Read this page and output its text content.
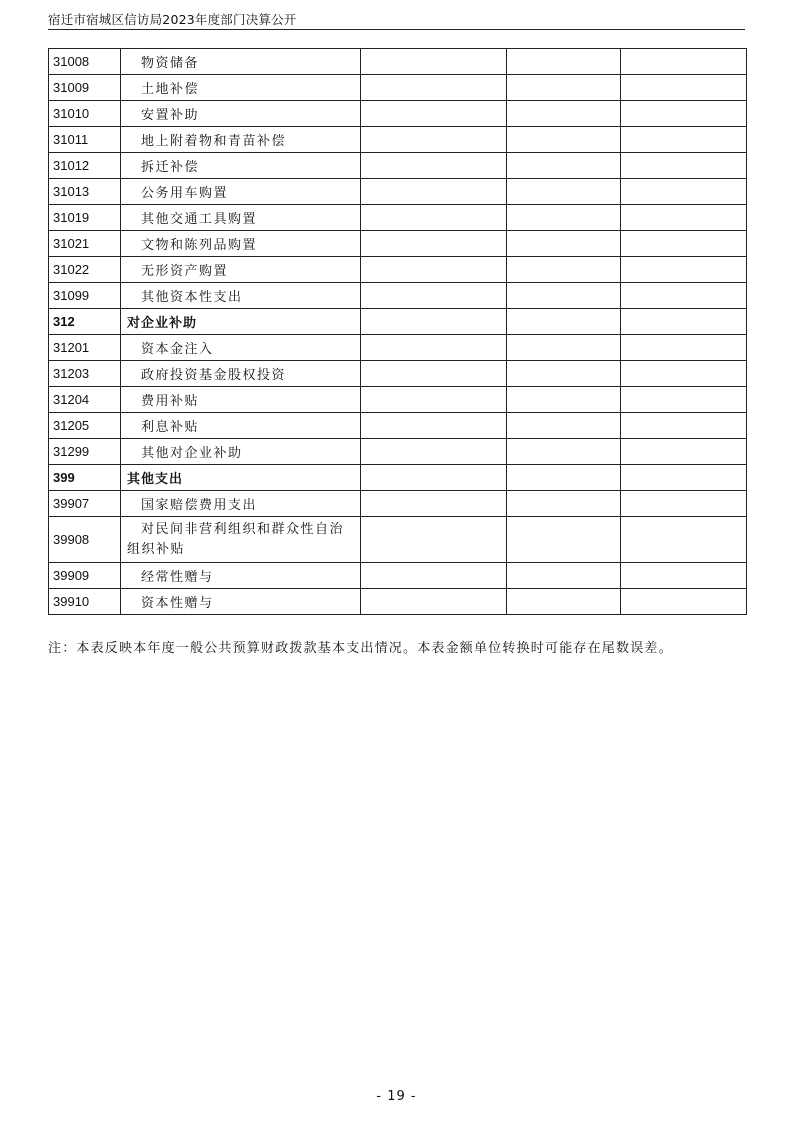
宿迁市宿城区信访局2023年度部门决算公开
31008	物资储备			
31009	土地补偿			
31010	安置补助			
31011	地上附着物和青苗补偿			
31012	拆迁补偿			
31013	公务用车购置			
31019	其他交通工具购置			
31021	文物和陈列品购置			
31022	无形资产购置			
31099	其他资本性支出			
312	对企业补助			
31201	资本金注入			
31203	政府投资基金股权投资			
31204	费用补贴			
31205	利息补贴			
31299	其他对企业补助			
399	其他支出			
39907	国家赔偿费用支出			
39908	对民间非营利组织和群众性自治组织补贴			
39909	经常性赠与			
39910	资本性赠与			
注：本表反映本年度一般公共预算财政拨款基本支出情况。本表金额单位转换时可能存在尾数误差。
- 19 -
